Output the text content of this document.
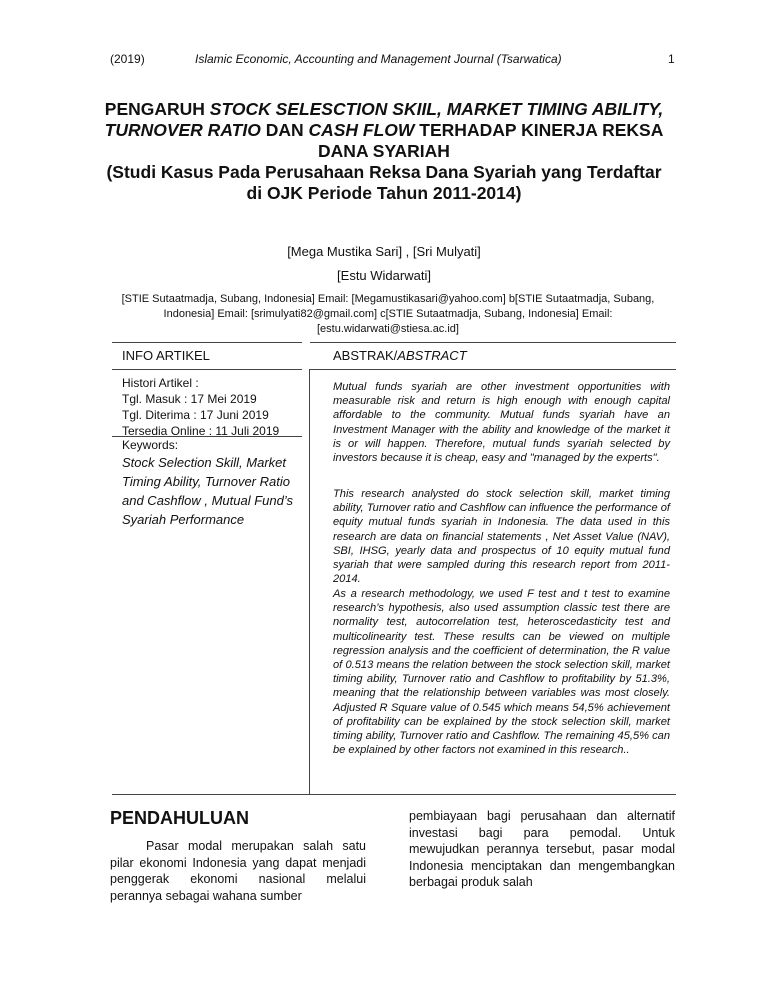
(2019)	Islamic Economic, Accounting and Management Journal (Tsarwatica)	1
PENGARUH STOCK SELESCTION SKIIL, MARKET TIMING ABILITY, TURNOVER RATIO DAN CASH FLOW TERHADAP KINERJA REKSA DANA SYARIAH
(Studi Kasus Pada Perusahaan Reksa Dana Syariah yang Terdaftar di OJK Periode Tahun 2011-2014)
[Mega Mustika Sari] , [Sri Mulyati]
[Estu Widarwati]
[STIE Sutaatmadja, Subang, Indonesia] Email: [Megamustikasari@yahoo.com] b[STIE Sutaatmadja, Subang, Indonesia] Email: [srimulyati82@gmail.com] c[STIE Sutaatmadja, Subang, Indonesia] Email: [estu.widarwati@stiesa.ac.id]
INFO ARTIKEL	ABSTRAK/ABSTRACT
Histori Artikel :
Tgl. Masuk : 17 Mei 2019
Tgl. Diterima : 17 Juni 2019
Tersedia Online : 11 Juli 2019
Keywords:
Stock Selection Skill, Market Timing Ability, Turnover Ratio and Cashflow , Mutual Fund’s Syariah Performance
Mutual funds syariah are other investment opportunities with measurable risk and return is high enough with enough capital affordable to the community. Mutual funds syariah have an Investment Manager with the ability and knowledge of the market it is or will happen. Therefore, mutual funds syariah selected by investors because it is cheap, easy and "managed by the experts".
This research analysted do stock selection skill, market timing ability, Turnover ratio and Cashflow can influence the performance of equity mutual funds syariah in Indonesia. The data used in this research are data on financial statements , Net Asset Value (NAV), SBI, IHSG, yearly data and prospectus of 10 equity mutual fund syariah that were sampled during this research report from 2011-2014.
As a research methodology, we used F test and t test to examine research’s hypothesis, also used assumption classic test there are normality test, autocorrelation test, heteroscedasticity test and multicolinearity test. These results can be viewed on multiple regression analysis and the coefficient of determination, the R value of 0.513 means the relation between the stock selection skill, market timing ability, Turnover ratio and Cashflow to profitability by 51.3%, meaning that the relationship between variables was most closely. Adjusted R Square value of 0.545 which means 54,5% achievement of profitability can be explained by the stock selection skill, market timing ability, Turnover ratio and Cashflow. The remaining 45,5% can be explained by other factors not examined in this research..
PENDAHULUAN

Pasar modal merupakan salah satu pilar ekonomi Indonesia yang dapat menjadi penggerak ekonomi nasional melalui perannya sebagai wahana sumber

pembiayaan bagi perusahaan dan alternatif investasi bagi para pemodal. Untuk mewujudkan perannya tersebut, pasar modal Indonesia menciptakan dan mengembangkan berbagai produk salah
